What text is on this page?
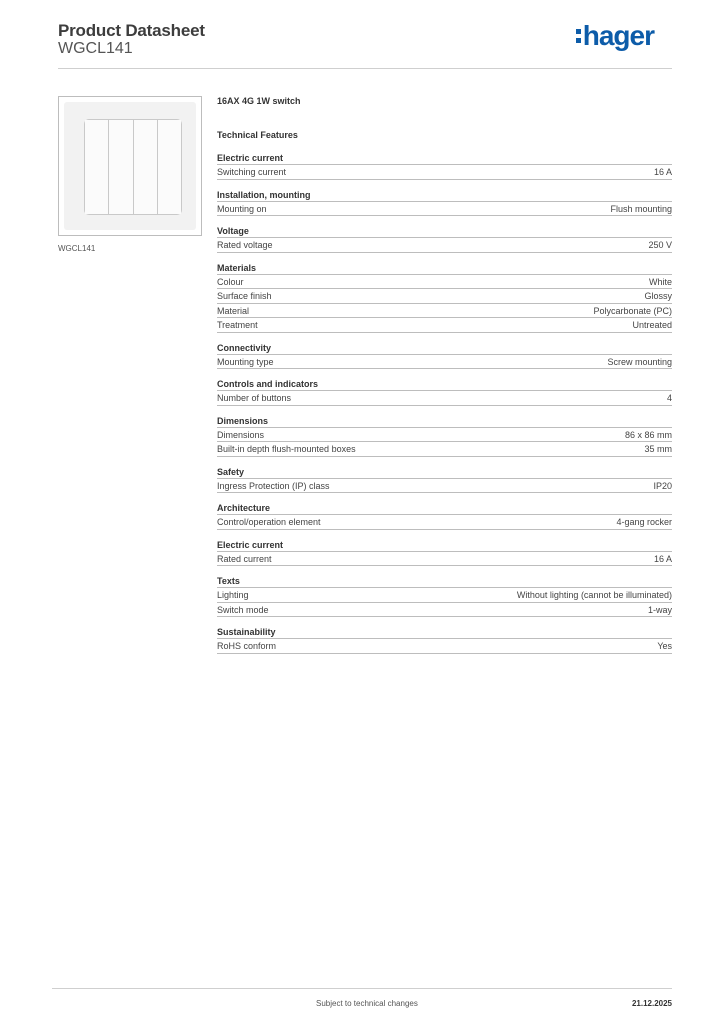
Product Datasheet
WGCL141	hager
WGCL141
16AX 4G 1W switch
Technical Features
Electric current
Switching current	16 A
Installation, mounting
Mounting on	Flush mounting
Voltage
Rated voltage	250 V
Materials
Colour	White
Surface finish	Glossy
Material	Polycarbonate (PC)
Treatment	Untreated
Connectivity
Mounting type	Screw mounting
Controls and indicators
Number of buttons	4
Dimensions
Dimensions	86 x 86 mm
Built-in depth flush-mounted boxes	35 mm
Safety
Ingress Protection (IP) class	IP20
Architecture
Control/operation element	4-gang rocker
Electric current
Rated current	16 A
Texts
Lighting	Without lighting (cannot be illuminated)
Switch mode	1-way
Sustainability
RoHS conform	Yes
Subject to technical changes	21.12.2025
